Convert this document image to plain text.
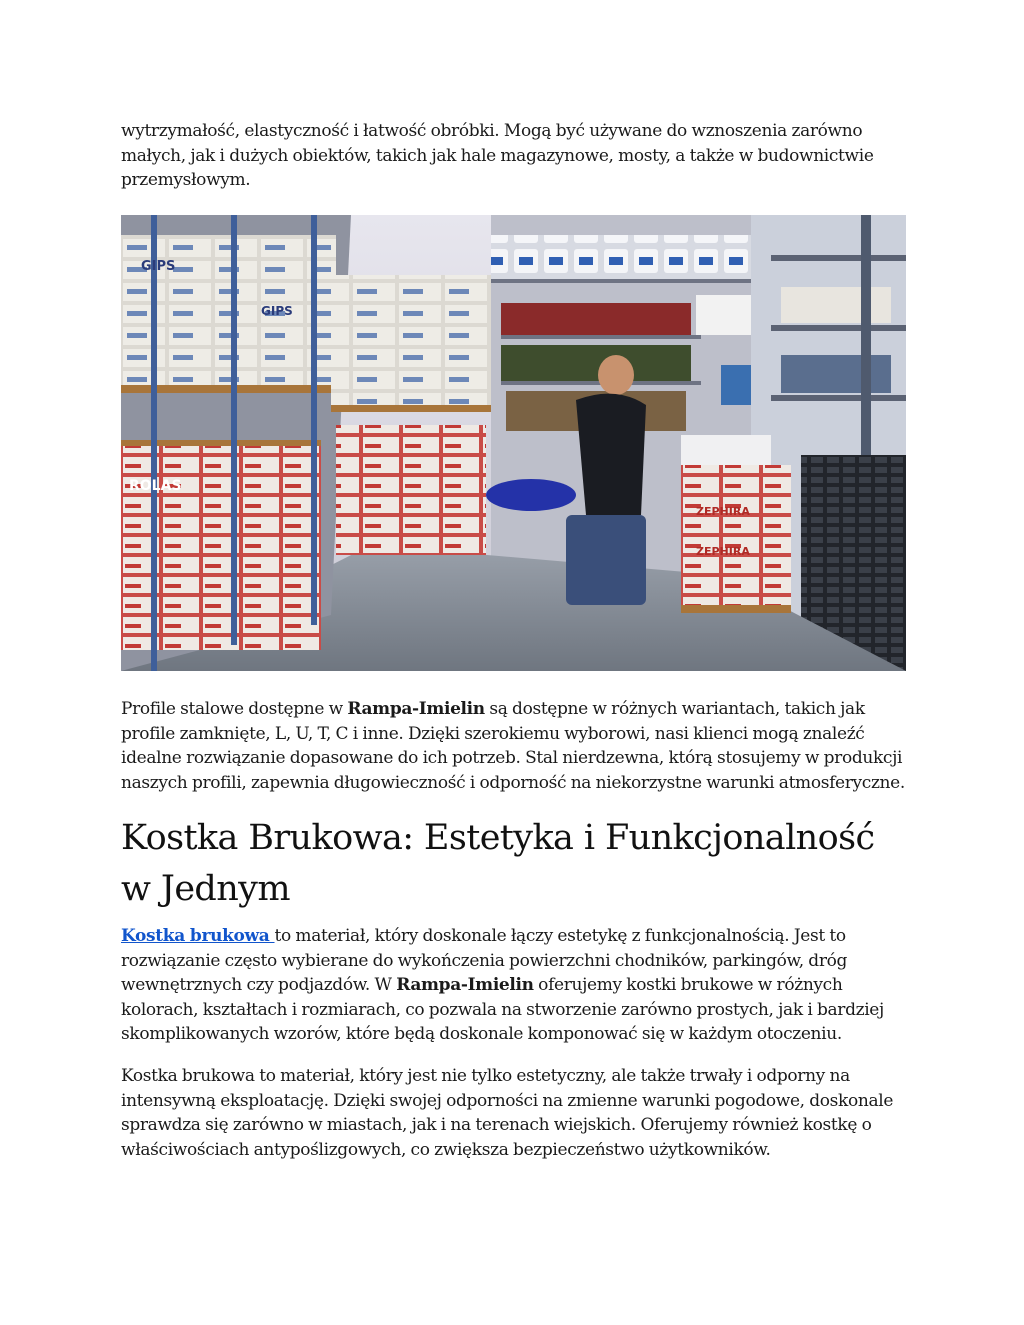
wytrzymałość, elastyczność i łatwość obróbki. Mogą być używane do wznoszenia zarówno małych, jak i dużych obiektów, takich jak hale magazynowe, mosty, a także w budownictwie przemysłowym.

GIPS
GIPS
ROLAS
ZEPHIRA
ZEPHIRA

Profile stalowe dostępne w Rampa-Imielin są dostępne w różnych wariantach, takich jak profile zamknięte, L, U, T, C i inne. Dzięki szerokiemu wyborowi, nasi klienci mogą znaleźć idealne rozwiązanie dopasowane do ich potrzeb. Stal nierdzewna, którą stosujemy w produkcji naszych profili, zapewnia długowieczność i odporność na niekorzystne warunki atmosferyczne.

Kostka Brukowa: Estetyka i Funkcjonalność w Jednym

Kostka brukowa to materiał, który doskonale łączy estetykę z funkcjonalnością. Jest to rozwiązanie często wybierane do wykończenia powierzchni chodników, parkingów, dróg wewnętrznych czy podjazdów. W Rampa-Imielin oferujemy kostki brukowe w różnych kolorach, kształtach i rozmiarach, co pozwala na stworzenie zarówno prostych, jak i bardziej skomplikowanych wzorów, które będą doskonale komponować się w każdym otoczeniu.

Kostka brukowa to materiał, który jest nie tylko estetyczny, ale także trwały i odporny na intensywną eksploatację. Dzięki swojej odporności na zmienne warunki pogodowe, doskonale sprawdza się zarówno w miastach, jak i na terenach wiejskich. Oferujemy również kostkę o właściwościach antypoślizgowych, co zwiększa bezpieczeństwo użytkowników.
